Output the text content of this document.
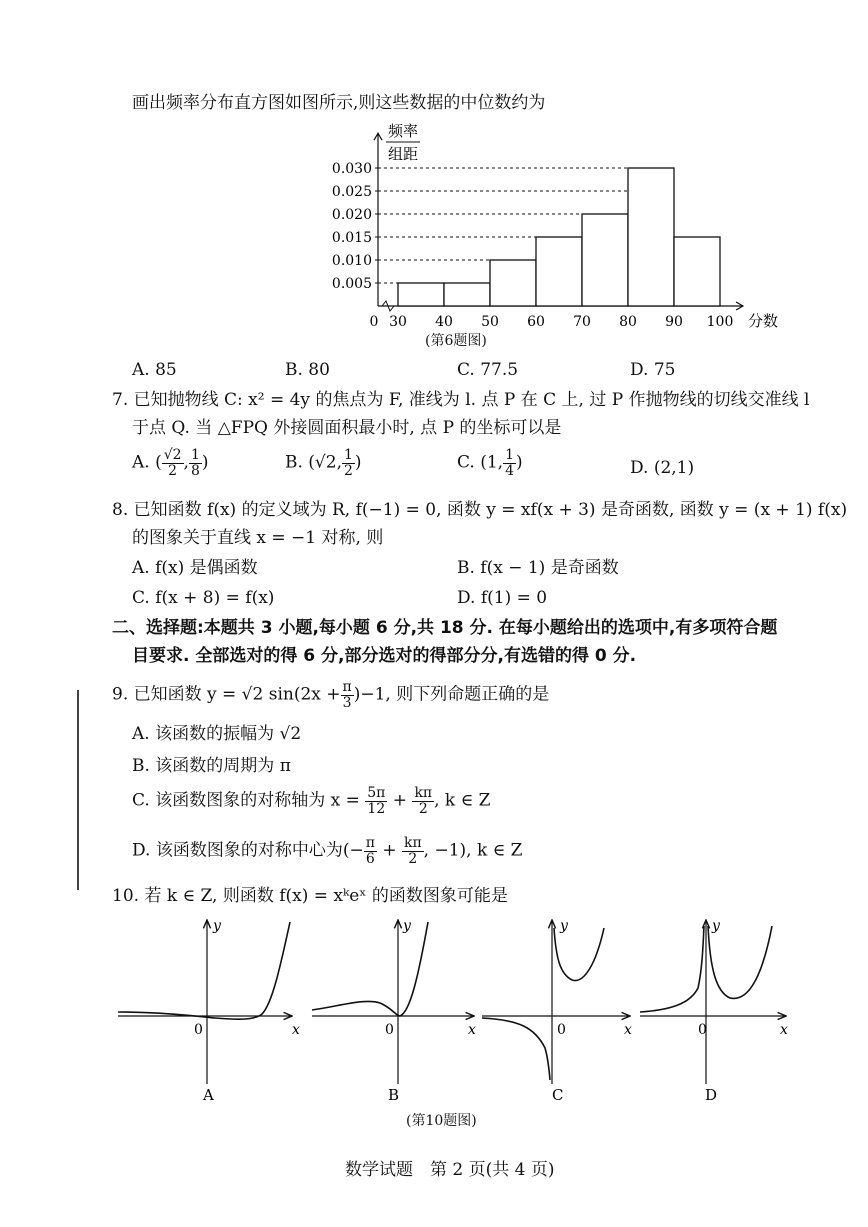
画出频率分布直方图如图所示,则这些数据的中位数约为
0.005
0.010
0.015
0.020
0.025
0.030
0 30 40 50 60 70 80 90 100 分数
频率
组距
(第6题图)
A. 85	B. 80	C. 77.5	D. 75
7. 已知抛物线 C: x² = 4y 的焦点为 F, 准线为 l. 点 P 在 C 上, 过 P 作抛物线的切线交准线 l
于点 Q. 当 △FPQ 外接圆面积最小时, 点 P 的坐标可以是
A. ( $\frac{√2}{2}$ , $\frac{1}{8}$ )	B. (√2, $\frac{1}{2}$ )	C. (1, $\frac{1}{4}$ )	D. (2,1)
8. 已知函数 f(x) 的定义域为 R, f(−1) = 0, 函数 y = xf(x + 3) 是奇函数, 函数 y = (x + 1) f(x)
的图象关于直线 x = −1 对称, 则
A. f(x) 是偶函数	B. f(x − 1) 是奇函数
C. f(x + 8) = f(x)	D. f(1) = 0
二、选择题:本题共 3 小题,每小题 6 分,共 18 分. 在每小题给出的选项中,有多项符合题
目要求. 全部选对的得 6 分,部分选对的得部分分,有选错的得 0 分.
9. 已知函数 y = √2 $\sin(2x + \frac{\pi}{3} )-1$, 则下列命题正确的是
A. 该函数的振幅为 √2
B. 该函数的周期为 π
C. 该函数图象的对称轴为 $x = \frac{5\pi}{12} + \frac{k\pi}{2}$ , k ∈ Z
D. 该函数图象的对称中心为(− $\frac{\pi}{6} + \frac{k\pi}{2}$ , −1), k ∈ Z
10. 若 k ∈ Z, 则函数 f(x) = xᵏeˣ 的函数图象可能是
0	x
y
A
0	x
y
B
0	x
y
C
0	x
y
D
(第10题图)
数学试题　第 2 页(共 4 页)
